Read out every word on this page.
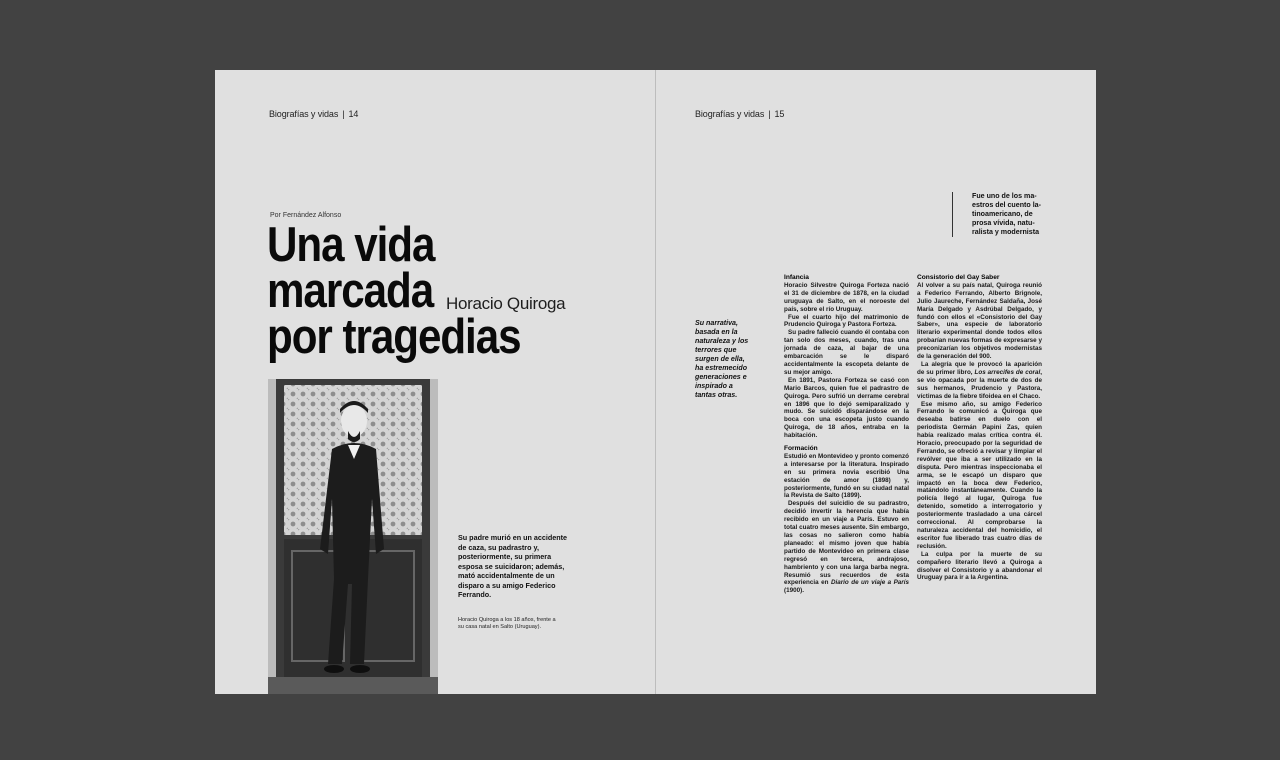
Biografías y vidas | 14
Por Fernández Alfonso
Una vida
marcada
por tragedias
Horacio Quiroga
Su padre murió en un accidente de caza, su padrastro y, posteriormente, su primera esposa se suicidaron; además, mató accidentalmente de un disparo a su amigo Federico Ferrando.
Horacio Quiroga a los 18 años, frente a su casa natal en Salto (Uruguay).
Biografías y vidas | 15
Fue uno de los ma-
estros del cuento la-
tinoamericano, de
prosa vívida, natu-
ralista y modernista
Su narrativa, basada en la naturaleza y los terrores que surgen de ella, ha estremecido generaciones e inspirado a tantas otras.
Infancia

Horacio Silvestre Quiroga Forteza nació el 31 de diciembre de 1878, en la ciudad uruguaya de Salto, en el noroeste del país, sobre el río Uruguay.

Fue el cuarto hijo del matrimonio de Prudencio Quiroga y Pastora Forteza.

Su padre falleció cuando él contaba con tan solo dos meses, cuando, tras una jornada de caza, al bajar de una embarcación se le disparó accidentalmente la escopeta delante de su mejor amigo.

En 1891, Pastora Forteza se casó con Mario Barcos, quien fue el padrastro de Quiroga. Pero sufrió un derrame cerebral en 1896 que lo dejó semiparalizado y mudo. Se suicidó disparándose en la boca con una escopeta justo cuando Quiroga, de 18 años, entraba en la habitación.

Formación

Estudió en Montevideo y pronto comenzó a interesarse por la literatura. Inspirado en su primera novia escribió Una estación de amor (1898) y, posteriormente, fundó en su ciudad natal la Revista de Salto (1899).

Después del suicidio de su padrastro, decidió invertir la herencia que había recibido en un viaje a París. Estuvo en total cuatro meses ausente. Sin embargo, las cosas no salieron como había planeado: el mismo joven que había partido de Montevideo en primera clase regresó en tercera, andrajoso, hambriento y con una larga barba negra. Resumió sus recuerdos de esta experiencia en Diario de un viaje a París (1900).

Consistorio del Gay Saber

Al volver a su país natal, Quiroga reunió a Federico Ferrando, Alberto Brignole, Julio Jaureche, Fernández Saldaña, José María Delgado y Asdrúbal Delgado, y fundó con ellos el «Consistorio del Gay Saber», una especie de laboratorio literario experimental donde todos ellos probarían nuevas formas de expresarse y preconizarían los objetivos modernistas de la generación del 900.

La alegría que le provocó la aparición de su primer libro, Los arrecifes de coral, se vio opacada por la muerte de dos de sus hermanos, Prudencio y Pastora, víctimas de la fiebre tifoidea en el Chaco.

Ese mismo año, su amigo Federico Ferrando le comunicó a Quiroga que deseaba batirse en duelo con el periodista Germán Papini Zas, quien había realizado malas crítica contra él. Horacio, preocupado por la seguridad de Ferrando, se ofreció a revisar y limpiar el revólver que iba a ser utilizado en la disputa. Pero mientras inspeccionaba el arma, se le escapó un disparo que impactó en la boca dew Federico, matándolo instantáneamente. Cuando la policía llegó al lugar, Quiroga fue detenido, sometido a interrogatorio y posteriormente trasladado a una cárcel correccional. Al comprobarse la naturaleza accidental del homicidio, el escritor fue liberado tras cuatro días de reclusión.

La culpa por la muerte de su compañero literario llevó a Quiroga a disolver el Consistorio y a abandonar el Uruguay para ir a la Argentina.
